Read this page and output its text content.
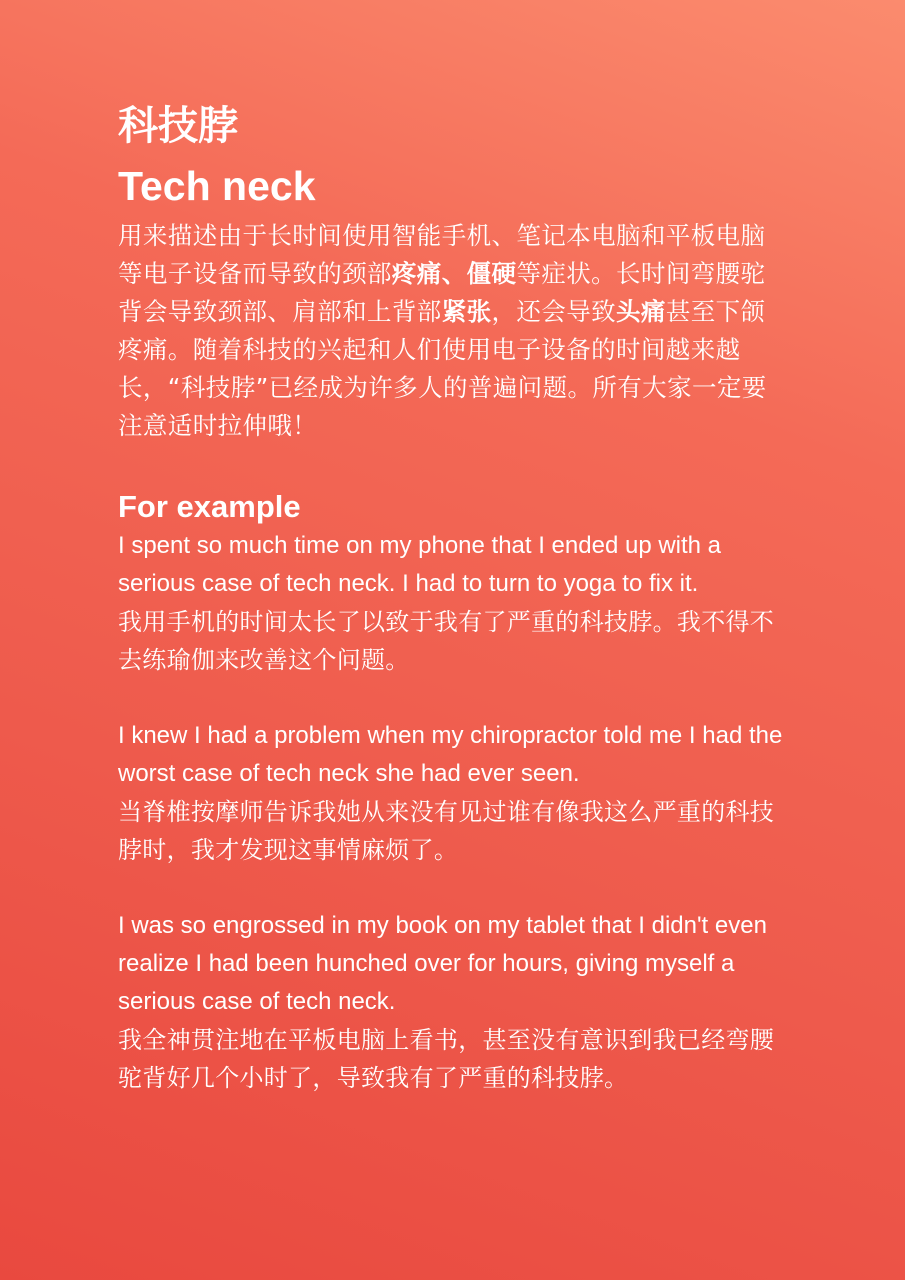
科技脖
Tech neck

用来描述由于长时间使用智能手机、笔记本电脑和平板电脑等电子设备而导致的颈部疼痛、僵硬等症状。长时间弯腰驼背会导致颈部、肩部和上背部紧张，还会导致头痛甚至下颌疼痛。随着科技的兴起和人们使用电子设备的时间越来越长，“科技脖”已经成为许多人的普遍问题。所有大家一定要注意适时拉伸哦！

For example

I spent so much time on my phone that I ended up with a serious case of tech neck. I had to turn to yoga to fix it.

我用手机的时间太长了以致于我有了严重的科技脖。我不得不去练瑜伽来改善这个问题。

I knew I had a problem when my chiropractor told me I had the worst case of tech neck she had ever seen.

当脊椎按摩师告诉我她从来没有见过谁有像我这么严重的科技脖时，我才发现这事情麻烦了。

I was so engrossed in my book on my tablet that I didn't even realize I had been hunched over for hours, giving myself a serious case of tech neck.

我全神贯注地在平板电脑上看书，甚至没有意识到我已经弯腰驼背好几个小时了，导致我有了严重的科技脖。
